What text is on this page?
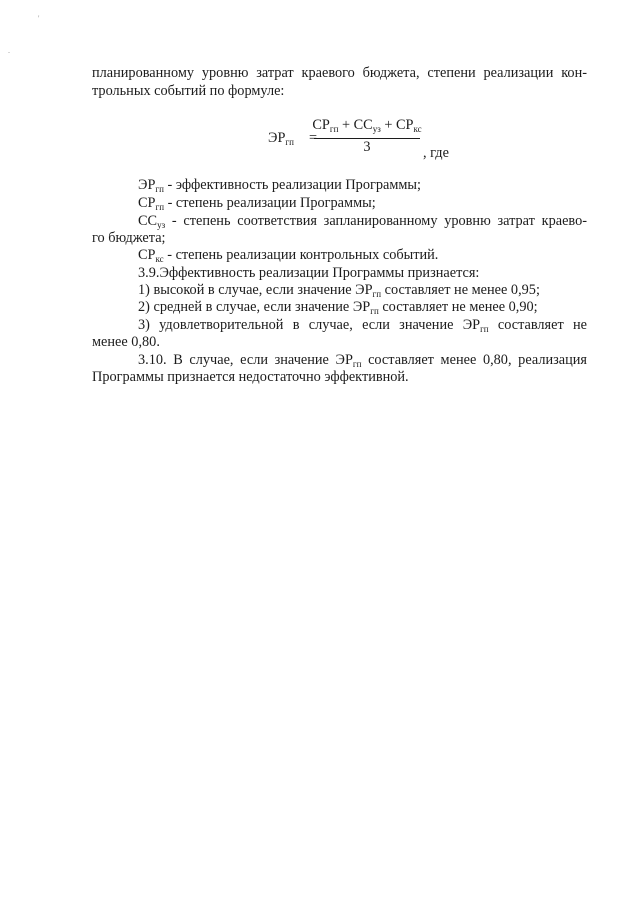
'
.
планированному уровню затрат краевого бюджета, степени реализации кон-
трольных событий по формуле:
$ЭР_{гп}$ =
$СР_{гп} + СС_{уз} + СР_{кс}$
3	, где
$ЭР_{гп}$ - эффективность реализации Программы;
$СР_{гп}$ - степень реализации Программы;
$СС_{уз}$ - степень соответствия запланированному уровню затрат краево-
го бюджета;
$СР_{кс}$ - степень реализации контрольных событий.
3.9.Эффективность реализации Программы признается:
1) высокой в случае, если значение $ЭР_{гп}$ составляет не менее 0,95;
2) средней в случае, если значение $ЭР_{гп}$ составляет не менее 0,90;
3) удовлетворительной в случае, если значение $ЭР_{гп}$ составляет не
менее 0,80.
3.10. В случае, если значение $ЭР_{гп}$ составляет менее 0,80, реализация
Программы признается недостаточно эффективной.
